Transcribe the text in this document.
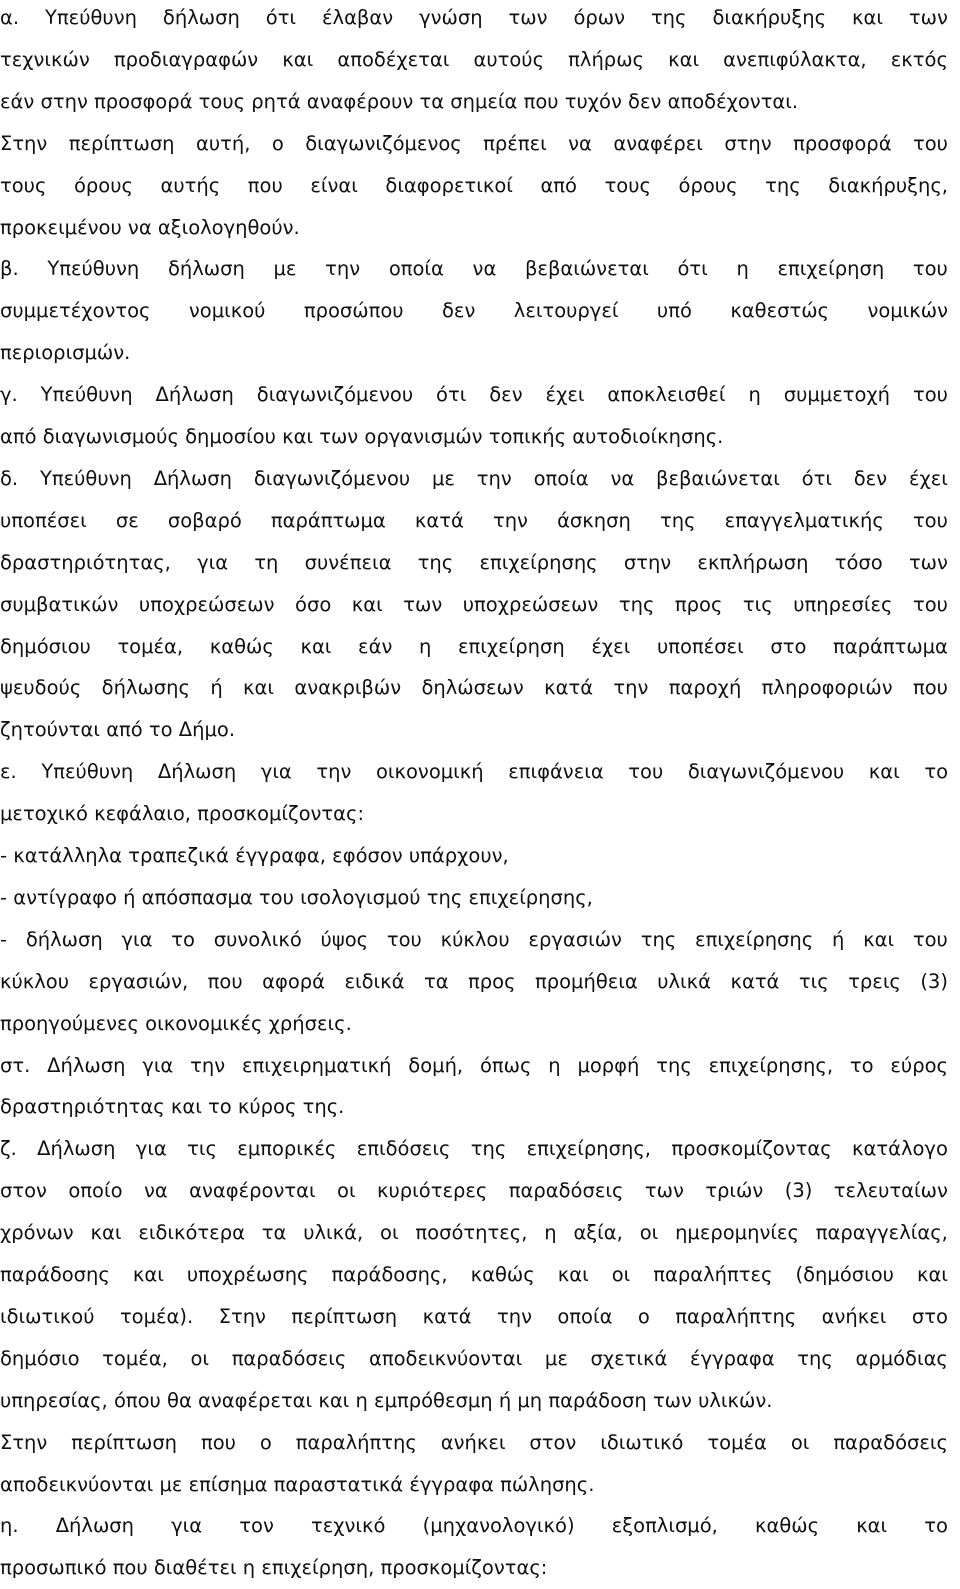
α. Υπεύθυνη δήλωση ότι έλαβαν γνώση των όρων της διακήρυξης και των
τεχνικών προδιαγραφών και αποδέχεται αυτούς πλήρως και ανεπιφύλακτα, εκτός
εάν στην προσφορά τους ρητά αναφέρουν τα σημεία που τυχόν δεν αποδέχονται.
Στην περίπτωση αυτή, ο διαγωνιζόμενος πρέπει να αναφέρει στην προσφορά του
τους όρους αυτής που είναι διαφορετικοί από τους όρους της διακήρυξης,
προκειμένου να αξιολογηθούν.
β. Υπεύθυνη δήλωση με την οποία να βεβαιώνεται ότι η επιχείρηση του
συμμετέχοντος νομικού προσώπου δεν λειτουργεί υπό καθεστώς νομικών
περιορισμών.
γ. Υπεύθυνη Δήλωση διαγωνιζόμενου ότι δεν έχει αποκλεισθεί η συμμετοχή του
από διαγωνισμούς δημοσίου και των οργανισμών τοπικής αυτοδιοίκησης.
δ. Υπεύθυνη Δήλωση διαγωνιζόμενου με την οποία να βεβαιώνεται ότι δεν έχει
υποπέσει σε σοβαρό παράπτωμα κατά την άσκηση της επαγγελματικής του
δραστηριότητας, για τη συνέπεια της επιχείρησης στην εκπλήρωση τόσο των
συμβατικών υποχρεώσεων όσο και των υποχρεώσεων της προς τις υπηρεσίες του
δημόσιου τομέα, καθώς και εάν η επιχείρηση έχει υποπέσει στο παράπτωμα
ψευδούς δήλωσης ή και ανακριβών δηλώσεων κατά την παροχή πληροφοριών που
ζητούνται από το Δήμο.
ε. Υπεύθυνη Δήλωση για την οικονομική επιφάνεια του διαγωνιζόμενου και το
μετοχικό κεφάλαιο, προσκομίζοντας:
- κατάλληλα τραπεζικά έγγραφα, εφόσον υπάρχουν,
- αντίγραφο ή απόσπασμα του ισολογισμού της επιχείρησης,
- δήλωση για το συνολικό ύψος του κύκλου εργασιών της επιχείρησης ή και του
κύκλου εργασιών, που αφορά ειδικά τα προς προμήθεια υλικά κατά τις τρεις (3)
προηγούμενες οικονομικές χρήσεις.
στ. Δήλωση για την επιχειρηματική δομή, όπως η μορφή της επιχείρησης, το εύρος
δραστηριότητας και το κύρος της.
ζ. Δήλωση για τις εμπορικές επιδόσεις της επιχείρησης, προσκομίζοντας κατάλογο
στον οποίο να αναφέρονται οι κυριότερες παραδόσεις των τριών (3) τελευταίων
χρόνων και ειδικότερα τα υλικά, οι ποσότητες, η αξία, οι ημερομηνίες παραγγελίας,
παράδοσης και υποχρέωσης παράδοσης, καθώς και οι παραλήπτες (δημόσιου και
ιδιωτικού τομέα). Στην περίπτωση κατά την οποία ο παραλήπτης ανήκει στο
δημόσιο τομέα, οι παραδόσεις αποδεικνύονται με σχετικά έγγραφα της αρμόδιας
υπηρεσίας, όπου θα αναφέρεται και η εμπρόθεσμη ή μη παράδοση των υλικών.
Στην περίπτωση που ο παραλήπτης ανήκει στον ιδιωτικό τομέα οι παραδόσεις
αποδεικνύονται με επίσημα παραστατικά έγγραφα πώλησης.
η. Δήλωση για τον τεχνικό (μηχανολογικό) εξοπλισμό, καθώς και το
προσωπικό που διαθέτει η επιχείρηση, προσκομίζοντας:
